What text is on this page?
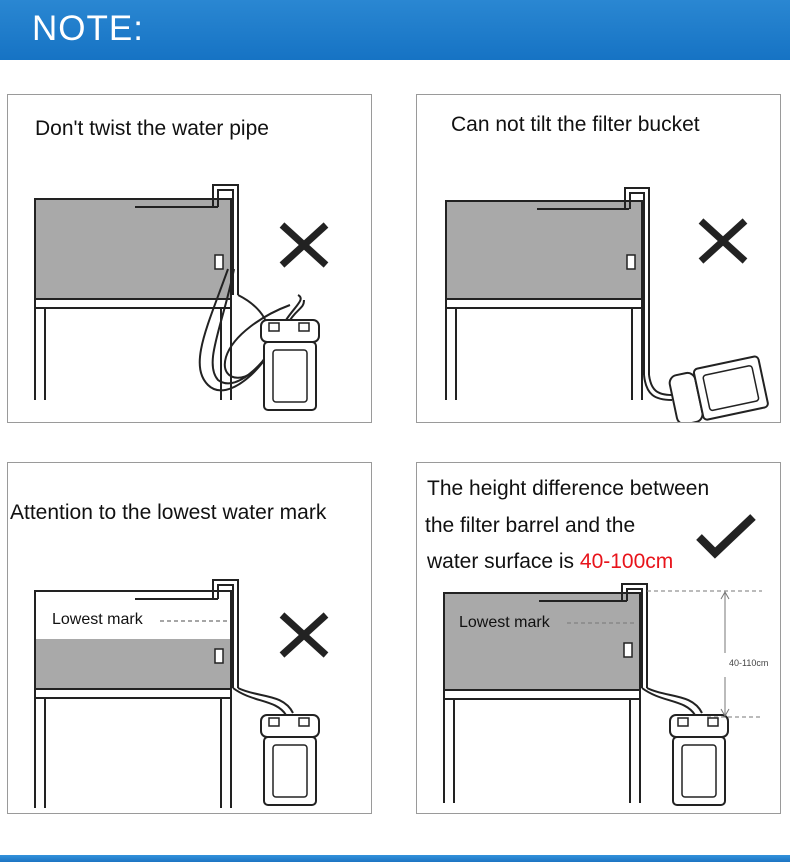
NOTE:
Don't twist the water pipe	Can not tilt the filter bucket
Attention to the lowest water mark
Lowest mark
The height difference between
the filter barrel and the
water surface is 40-100cm
Lowest mark
40-110cm
